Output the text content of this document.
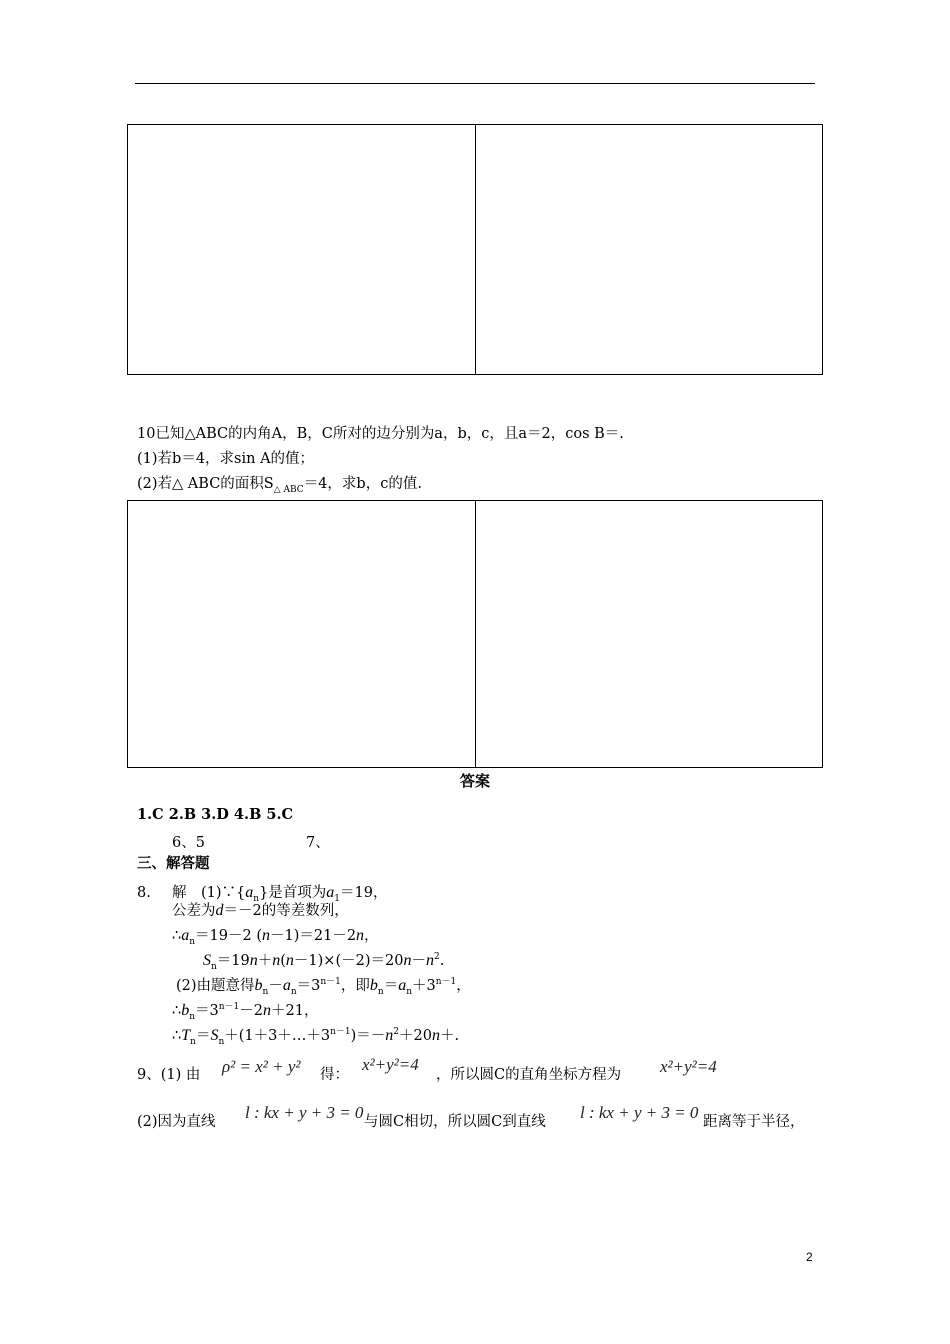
10已知△ABC的内角A，B，C所对的边分别为a，b，c，且a＝2，cos B＝.
(1)若b＝4，求sin A的值；
(2)若△ ABC的面积$S_{\triangle ABC}=4$，求b，c的值.
答案
1.C 2.B 3.D 4.B 5.C
6、5	7、
三、解答题
8. 解　$(1)\because\{a_n\}$是首项为$a_1=19$，
公差为d＝－2的等差数列，
$\therefore a_n=19-2$ (n－1)＝21－2n，
$S_n=19n+n(n-1)\times(-2)=20n-n^2$.
(2)由题意得$b_n-a_n=3^{n-1}$，即$b_n=a_n+3^{n-1}$，
$\therefore b_n=3^{n-1}-2n+21$，
$\therefore T_n=S_n+(1+3+\dots+3^{n-1})=-n^2+20n+$.
9、(1) 由 ρ² = x² + y² 得：
x²+y²=4
，所以圆C的直角坐标方程为 x²+y²=4
(2)因为直线 l : kx + y + 3 = 0 与圆C相切，所以圆C到直线 l : kx + y + 3 = 0 距离等于半径，
2
